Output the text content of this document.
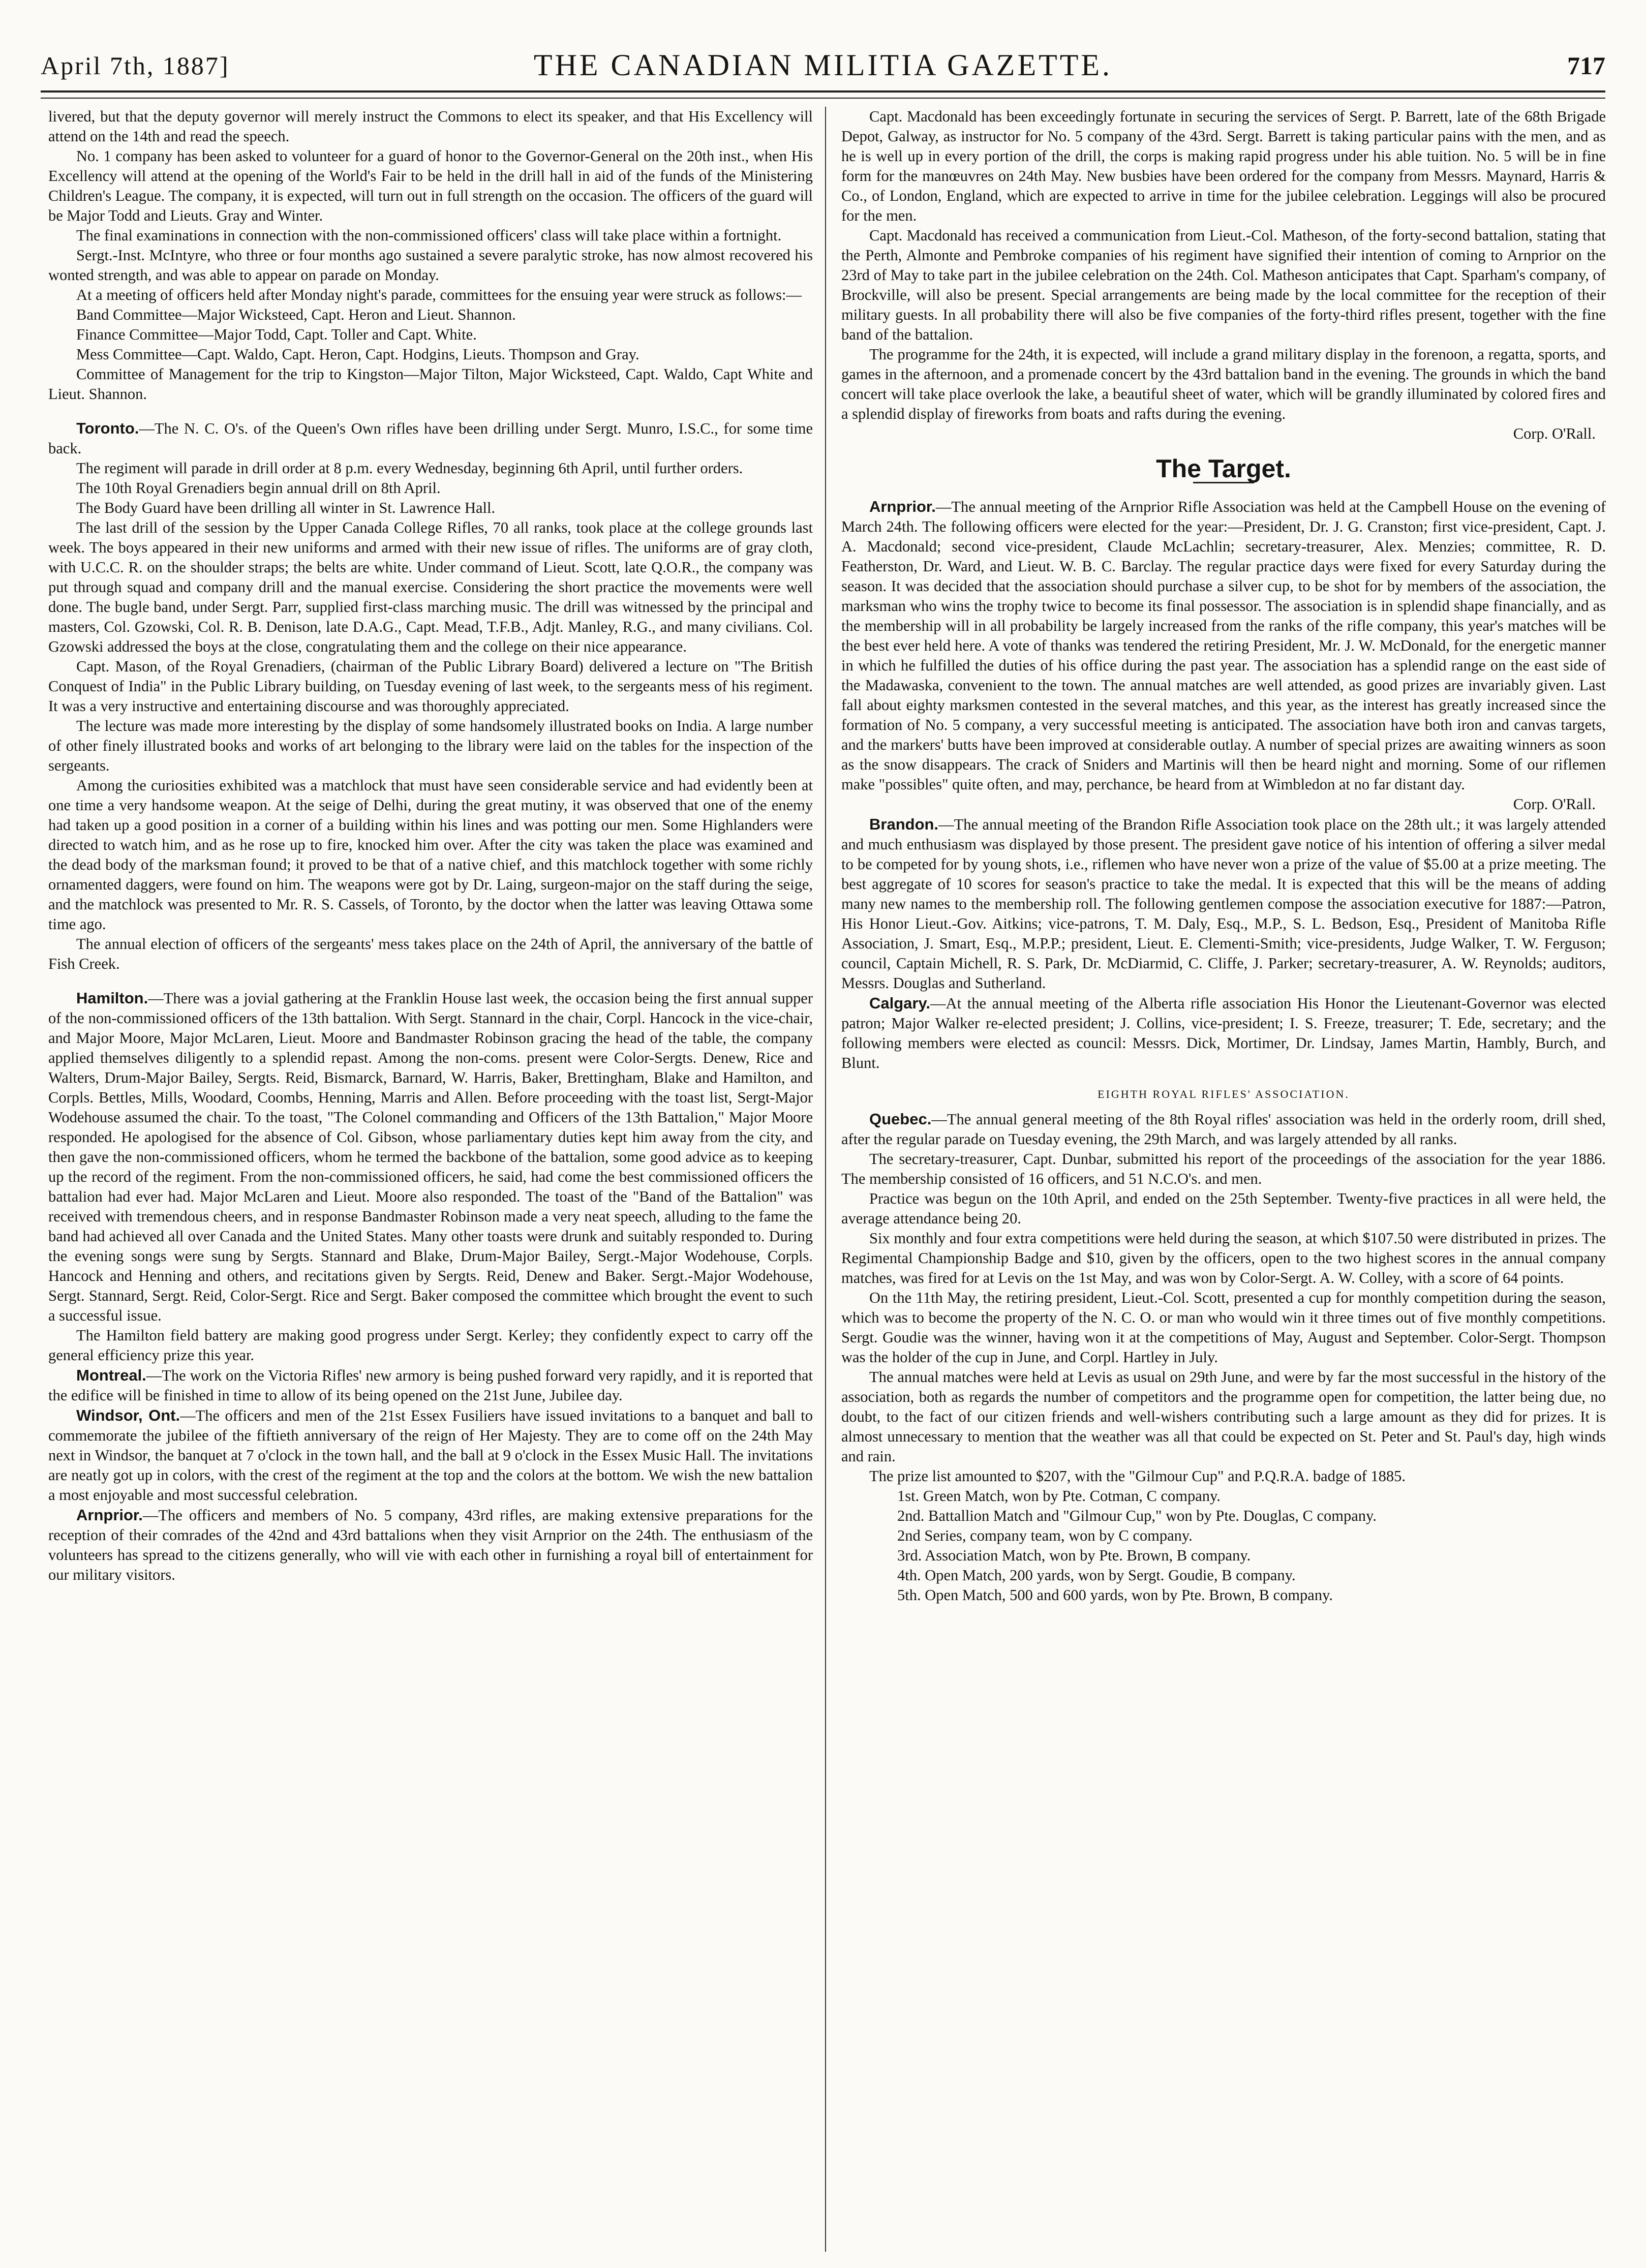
April 7th, 1887]	THE CANADIAN MILITIA GAZETTE.	717

livered, but that the deputy governor will merely instruct the Commons to elect its speaker, and that His Excellency will attend on the 14th and read the speech.

No. 1 company has been asked to volunteer for a guard of honor to the Governor-General on the 20th inst., when His Excellency will attend at the opening of the World's Fair to be held in the drill hall in aid of the funds of the Ministering Children's League. The company, it is expected, will turn out in full strength on the occasion. The officers of the guard will be Major Todd and Lieuts. Gray and Winter.

The final examinations in connection with the non-commissioned officers' class will take place within a fortnight.

Sergt.-Inst. McIntyre, who three or four months ago sustained a severe paralytic stroke, has now almost recovered his wonted strength, and was able to appear on parade on Monday.

At a meeting of officers held after Monday night's parade, committees for the ensuing year were struck as follows:—

Band Committee—Major Wicksteed, Capt. Heron and Lieut. Shannon.

Finance Committee—Major Todd, Capt. Toller and Capt. White.

Mess Committee—Capt. Waldo, Capt. Heron, Capt. Hodgins, Lieuts. Thompson and Gray.

Committee of Management for the trip to Kingston—Major Tilton, Major Wicksteed, Capt. Waldo, Capt White and Lieut. Shannon.

Toronto.—The N. C. O's. of the Queen's Own rifles have been drilling under Sergt. Munro, I.S.C., for some time back.

The regiment will parade in drill order at 8 p.m. every Wednesday, beginning 6th April, until further orders.

The 10th Royal Grenadiers begin annual drill on 8th April.

The Body Guard have been drilling all winter in St. Lawrence Hall.

The last drill of the session by the Upper Canada College Rifles, 70 all ranks, took place at the college grounds last week. The boys appeared in their new uniforms and armed with their new issue of rifles. The uniforms are of gray cloth, with U.C.C. R. on the shoulder straps; the belts are white. Under command of Lieut. Scott, late Q.O.R., the company was put through squad and company drill and the manual exercise. Considering the short practice the movements were well done. The bugle band, under Sergt. Parr, supplied first-class marching music. The drill was witnessed by the principal and masters, Col. Gzowski, Col. R. B. Denison, late D.A.G., Capt. Mead, T.F.B., Adjt. Manley, R.G., and many civilians. Col. Gzowski addressed the boys at the close, congratulating them and the college on their nice appearance.

Capt. Mason, of the Royal Grenadiers, (chairman of the Public Library Board) delivered a lecture on "The British Conquest of India" in the Public Library building, on Tuesday evening of last week, to the sergeants mess of his regiment. It was a very instructive and entertaining discourse and was thoroughly appreciated.

The lecture was made more interesting by the display of some handsomely illustrated books on India. A large number of other finely illustrated books and works of art belonging to the library were laid on the tables for the inspection of the sergeants.

Among the curiosities exhibited was a matchlock that must have seen considerable service and had evidently been at one time a very handsome weapon. At the seige of Delhi, during the great mutiny, it was observed that one of the enemy had taken up a good position in a corner of a building within his lines and was potting our men. Some Highlanders were directed to watch him, and as he rose up to fire, knocked him over. After the city was taken the place was examined and the dead body of the marksman found; it proved to be that of a native chief, and this matchlock together with some richly ornamented daggers, were found on him. The weapons were got by Dr. Laing, surgeon-major on the staff during the seige, and the matchlock was presented to Mr. R. S. Cassels, of Toronto, by the doctor when the latter was leaving Ottawa some time ago.

The annual election of officers of the sergeants' mess takes place on the 24th of April, the anniversary of the battle of Fish Creek.

Hamilton.—There was a jovial gathering at the Franklin House last week, the occasion being the first annual supper of the non-commissioned officers of the 13th battalion. With Sergt. Stannard in the chair, Corpl. Hancock in the vice-chair, and Major Moore, Major McLaren, Lieut. Moore and Bandmaster Robinson gracing the head of the table, the company applied themselves diligently to a splendid repast. Among the non-coms. present were Color-Sergts. Denew, Rice and Walters, Drum-Major Bailey, Sergts. Reid, Bismarck, Barnard, W. Harris, Baker, Brettingham, Blake and Hamilton, and Corpls. Bettles, Mills, Woodard, Coombs, Henning, Marris and Allen. Before proceeding with the toast list, Sergt-Major Wodehouse assumed the chair. To the toast, "The Colonel commanding and Officers of the 13th Battalion," Major Moore responded. He apologised for the absence of Col. Gibson, whose parliamentary duties kept him away from the city, and then gave the non-commissioned officers, whom he termed the backbone of the battalion, some good advice as to keeping up the record of the regiment. From the non-commissioned officers, he said, had come the best commissioned officers the battalion had ever had. Major McLaren and Lieut. Moore also responded. The toast of the "Band of the Battalion" was received with tremendous cheers, and in response Bandmaster Robinson made a very neat speech, alluding to the fame the band had achieved all over Canada and the United States. Many other toasts were drunk and suitably responded to. During the evening songs were sung by Sergts. Stannard and Blake, Drum-Major Bailey, Sergt.-Major Wodehouse, Corpls. Hancock and Henning and others, and recitations given by Sergts. Reid, Denew and Baker. Sergt.-Major Wodehouse, Sergt. Stannard, Sergt. Reid, Color-Sergt. Rice and Sergt. Baker composed the committee which brought the event to such a successful issue.

The Hamilton field battery are making good progress under Sergt. Kerley; they confidently expect to carry off the general efficiency prize this year.

Montreal.—The work on the Victoria Rifles' new armory is being pushed forward very rapidly, and it is reported that the edifice will be finished in time to allow of its being opened on the 21st June, Jubilee day.

Windsor, Ont.—The officers and men of the 21st Essex Fusiliers have issued invitations to a banquet and ball to commemorate the jubilee of the fiftieth anniversary of the reign of Her Majesty. They are to come off on the 24th May next in Windsor, the banquet at 7 o'clock in the town hall, and the ball at 9 o'clock in the Essex Music Hall. The invitations are neatly got up in colors, with the crest of the regiment at the top and the colors at the bottom. We wish the new battalion a most enjoyable and most successful celebration.

Arnprior.—The officers and members of No. 5 company, 43rd rifles, are making extensive preparations for the reception of their comrades of the 42nd and 43rd battalions when they visit Arnprior on the 24th. The enthusiasm of the volunteers has spread to the citizens generally, who will vie with each other in furnishing a royal bill of entertainment for our military visitors.

Capt. Macdonald has been exceedingly fortunate in securing the services of Sergt. P. Barrett, late of the 68th Brigade Depot, Galway, as instructor for No. 5 company of the 43rd. Sergt. Barrett is taking particular pains with the men, and as he is well up in every portion of the drill, the corps is making rapid progress under his able tuition. No. 5 will be in fine form for the manœuvres on 24th May. New busbies have been ordered for the company from Messrs. Maynard, Harris & Co., of London, England, which are expected to arrive in time for the jubilee celebration. Leggings will also be procured for the men.

Capt. Macdonald has received a communication from Lieut.-Col. Matheson, of the forty-second battalion, stating that the Perth, Almonte and Pembroke companies of his regiment have signified their intention of coming to Arnprior on the 23rd of May to take part in the jubilee celebration on the 24th. Col. Matheson anticipates that Capt. Sparham's company, of Brockville, will also be present. Special arrangements are being made by the local committee for the reception of their military guests. In all probability there will also be five companies of the forty-third rifles present, together with the fine band of the battalion.

The programme for the 24th, it is expected, will include a grand military display in the forenoon, a regatta, sports, and games in the afternoon, and a promenade concert by the 43rd battalion band in the evening. The grounds in which the band concert will take place overlook the lake, a beautiful sheet of water, which will be grandly illuminated by colored fires and a splendid display of fireworks from boats and rafts during the evening.

Corp. O'Rall.

The Target.

Arnprior.—The annual meeting of the Arnprior Rifle Association was held at the Campbell House on the evening of March 24th. The following officers were elected for the year:—President, Dr. J. G. Cranston; first vice-president, Capt. J. A. Macdonald; second vice-president, Claude McLachlin; secretary-treasurer, Alex. Menzies; committee, R. D. Featherston, Dr. Ward, and Lieut. W. B. C. Barclay. The regular practice days were fixed for every Saturday during the season. It was decided that the association should purchase a silver cup, to be shot for by members of the association, the marksman who wins the trophy twice to become its final possessor. The association is in splendid shape financially, and as the membership will in all probability be largely increased from the ranks of the rifle company, this year's matches will be the best ever held here. A vote of thanks was tendered the retiring President, Mr. J. W. McDonald, for the energetic manner in which he fulfilled the duties of his office during the past year. The association has a splendid range on the east side of the Madawaska, convenient to the town. The annual matches are well attended, as good prizes are invariably given. Last fall about eighty marksmen contested in the several matches, and this year, as the interest has greatly increased since the formation of No. 5 company, a very successful meeting is anticipated. The association have both iron and canvas targets, and the markers' butts have been improved at considerable outlay. A number of special prizes are awaiting winners as soon as the snow disappears. The crack of Sniders and Martinis will then be heard night and morning. Some of our riflemen make "possibles" quite often, and may, perchance, be heard from at Wimbledon at no far distant day.

Corp. O'Rall.

Brandon.—The annual meeting of the Brandon Rifle Association took place on the 28th ult.; it was largely attended and much enthusiasm was displayed by those present. The president gave notice of his intention of offering a silver medal to be competed for by young shots, i.e., riflemen who have never won a prize of the value of $5.00 at a prize meeting. The best aggregate of 10 scores for season's practice to take the medal. It is expected that this will be the means of adding many new names to the membership roll. The following gentlemen compose the association executive for 1887:—Patron, His Honor Lieut.-Gov. Aitkins; vice-patrons, T. M. Daly, Esq., M.P., S. L. Bedson, Esq., President of Manitoba Rifle Association, J. Smart, Esq., M.P.P.; president, Lieut. E. Clementi-Smith; vice-presidents, Judge Walker, T. W. Ferguson; council, Captain Michell, R. S. Park, Dr. McDiarmid, C. Cliffe, J. Parker; secretary-treasurer, A. W. Reynolds; auditors, Messrs. Douglas and Sutherland.

Calgary.—At the annual meeting of the Alberta rifle association His Honor the Lieutenant-Governor was elected patron; Major Walker re-elected president; J. Collins, vice-president; I. S. Freeze, treasurer; T. Ede, secretary; and the following members were elected as council: Messrs. Dick, Mortimer, Dr. Lindsay, James Martin, Hambly, Burch, and Blunt.

EIGHTH ROYAL RIFLES' ASSOCIATION.

Quebec.—The annual general meeting of the 8th Royal rifles' association was held in the orderly room, drill shed, after the regular parade on Tuesday evening, the 29th March, and was largely attended by all ranks.

The secretary-treasurer, Capt. Dunbar, submitted his report of the proceedings of the association for the year 1886. The membership consisted of 16 officers, and 51 N.C.O's. and men.

Practice was begun on the 10th April, and ended on the 25th September. Twenty-five practices in all were held, the average attendance being 20.

Six monthly and four extra competitions were held during the season, at which $107.50 were distributed in prizes. The Regimental Championship Badge and $10, given by the officers, open to the two highest scores in the annual company matches, was fired for at Levis on the 1st May, and was won by Color-Sergt. A. W. Colley, with a score of 64 points.

On the 11th May, the retiring president, Lieut.-Col. Scott, presented a cup for monthly competition during the season, which was to become the property of the N. C. O. or man who would win it three times out of five monthly competitions. Sergt. Goudie was the winner, having won it at the competitions of May, August and September. Color-Sergt. Thompson was the holder of the cup in June, and Corpl. Hartley in July.

The annual matches were held at Levis as usual on 29th June, and were by far the most successful in the history of the association, both as regards the number of competitors and the programme open for competition, the latter being due, no doubt, to the fact of our citizen friends and well-wishers contributing such a large amount as they did for prizes. It is almost unnecessary to mention that the weather was all that could be expected on St. Peter and St. Paul's day, high winds and rain.

The prize list amounted to $207, with the "Gilmour Cup" and P.Q.R.A. badge of 1885.

1st. Green Match, won by Pte. Cotman, C company.

2nd. Battallion Match and "Gilmour Cup," won by Pte. Douglas, C company.

2nd Series, company team, won by C company.

3rd. Association Match, won by Pte. Brown, B company.

4th. Open Match, 200 yards, won by Sergt. Goudie, B company.

5th. Open Match, 500 and 600 yards, won by Pte. Brown, B company.
